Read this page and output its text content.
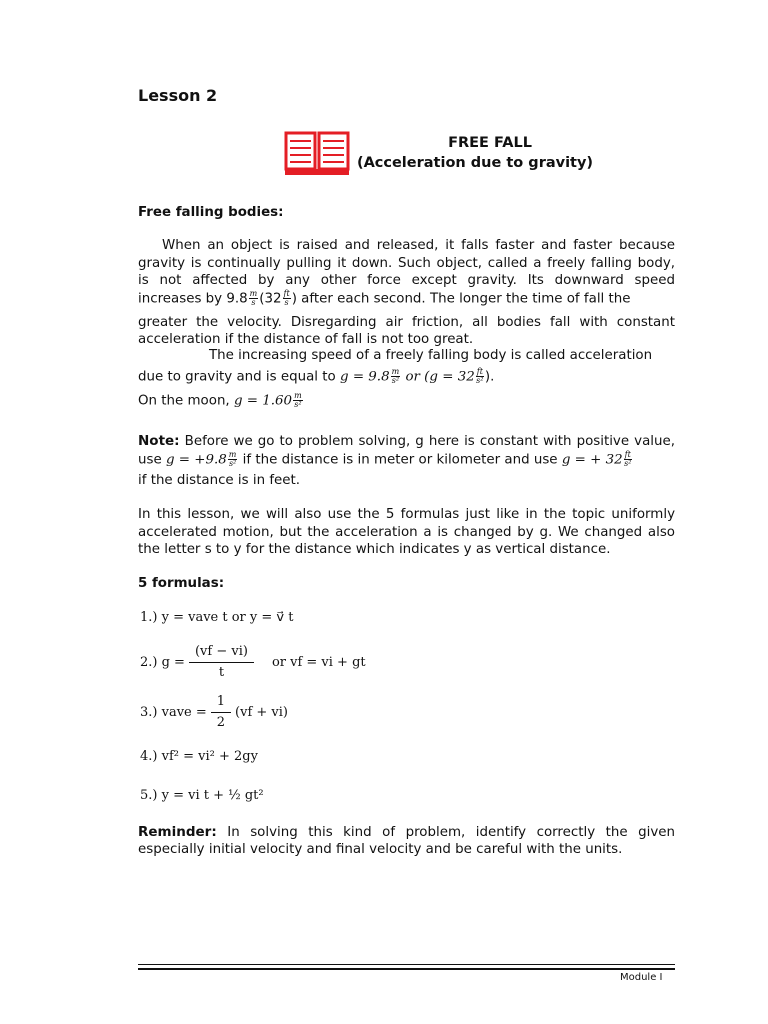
Lesson 2
FREE FALL
(Acceleration due to gravity)
Free falling bodies:
When an object is raised and released, it falls faster and faster because
gravity is continually pulling it down. Such object, called a freely falling body,
is not affected by any other force except gravity. Its downward speed
increases by $9.8 \frac{m}{s} (32 \frac{ft}{s}$ ) after each second. The longer the time of fall the
greater the velocity. Disregarding air friction, all bodies fall with constant
acceleration if the distance of fall is not too great.
The increasing speed of a freely falling body is called acceleration
due to gravity and is equal to $g = 9.8 \frac{m}{\text{s²}}$ or ($g = 32 \frac{ft}{\text{s²}}$ ).
On the moon, $g = 1.60 \frac{m}{\text{s²}}$
Note: Before we go to problem solving, g here is constant with positive value,
use $g = +9.8 \frac{m}{\text{s²}}$ if the distance is in meter or kilometer and use g = + $32 \frac{ft}{\text{s²}}$
if the distance is in feet.
In this lesson, we will also use the 5 formulas just like in the topic uniformly
accelerated motion, but the acceleration a is changed by g. We changed also
the letter s to y for the distance which indicates y as vertical distance.
5 formulas:
1.) y = vave t or y = v⃗ t
2.) $g = \frac{(vf - vi)}{t}$ or vf = vi + gt
3.) vave = $\frac{1}{2} (vf + vi)$
4.) vf² = vi² + 2gy
5.) y = vi t + ½ gt²
Reminder: In solving this kind of problem, identify correctly the given
especially initial velocity and final velocity and be careful with the units.
Module I
